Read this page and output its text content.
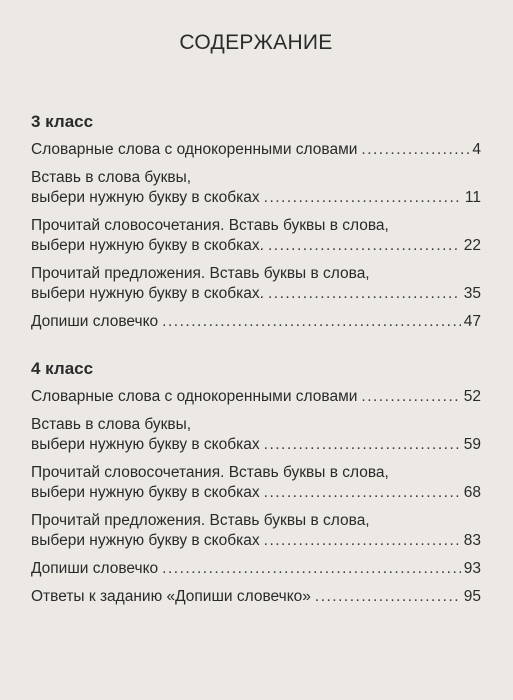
СОДЕРЖАНИЕ
3 класс
Словарные слова с однокоренными словами .....	4
Вставь в слова буквы,
выбери нужную букву в скобках .....	11
Прочитай словосочетания. Вставь буквы в слова,
выбери нужную букву в скобках. .....	22
Прочитай предложения. Вставь буквы в слова,
выбери нужную букву в скобках. .....	35
Допиши словечко .....	47
4 класс
Словарные слова с однокоренными словами .....	52
Вставь в слова буквы,
выбери нужную букву в скобках .....	59
Прочитай словосочетания. Вставь буквы в слова,
выбери нужную букву в скобках .....	68
Прочитай предложения. Вставь буквы в слова,
выбери нужную букву в скобках .....	83
Допиши словечко .....	93
Ответы к заданию «Допиши словечко» .....	95
